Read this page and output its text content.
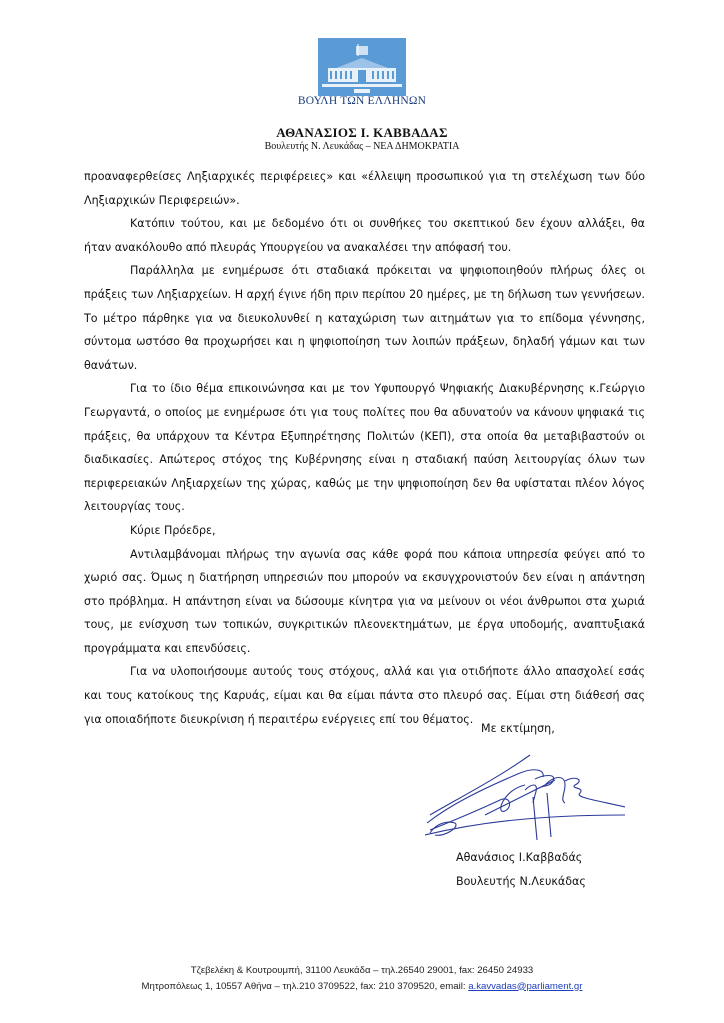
ΒΟΥΛΗ ΤΩΝ ΕΛΛΗΝΩΝ
ΑΘΑΝΑΣΙΟΣ Ι. ΚΑΒΒΑΔΑΣ
Βουλευτής Ν. Λευκάδας – ΝΕΑ ΔΗΜΟΚΡΑΤΙΑ

προαναφερθείσες Ληξιαρχικές περιφέρειες» και «έλλειψη προσωπικού για τη στελέχωση των δύο Ληξιαρχικών Περιφερειών».

Κατόπιν τούτου, και με δεδομένο ότι οι συνθήκες του σκεπτικού δεν έχουν αλλάξει, θα ήταν ανακόλουθο από πλευράς Υπουργείου να ανακαλέσει την απόφασή του.

Παράλληλα με ενημέρωσε ότι σταδιακά πρόκειται να ψηφιοποιηθούν πλήρως όλες οι πράξεις των Ληξιαρχείων. Η αρχή έγινε ήδη πριν περίπου 20 ημέρες, με τη δήλωση των γεννήσεων. Το μέτρο πάρθηκε για να διευκολυνθεί η καταχώριση των αιτημάτων για το επίδομα γέννησης, σύντομα ωστόσο θα προχωρήσει και η ψηφιοποίηση των λοιπών πράξεων, δηλαδή γάμων και των θανάτων.

Για το ίδιο θέμα επικοινώνησα και με τον Υφυπουργό Ψηφιακής Διακυβέρνησης κ.Γεώργιο Γεωργαντά, ο οποίος με ενημέρωσε ότι για τους πολίτες που θα αδυνατούν να κάνουν ψηφιακά τις πράξεις, θα υπάρχουν τα Κέντρα Εξυπηρέτησης Πολιτών (ΚΕΠ), στα οποία θα μεταβιβαστούν οι διαδικασίες. Απώτερος στόχος της Κυβέρνησης είναι η σταδιακή παύση λειτουργίας όλων των περιφερειακών Ληξιαρχείων της χώρας, καθώς με την ψηφιοποίηση δεν θα υφίσταται πλέον λόγος λειτουργίας τους.

Κύριε Πρόεδρε,

Αντιλαμβάνομαι πλήρως την αγωνία σας κάθε φορά που κάποια υπηρεσία φεύγει από το χωριό σας. Όμως η διατήρηση υπηρεσιών που μπορούν να εκσυγχρονιστούν δεν είναι η απάντηση στο πρόβλημα. Η απάντηση είναι να δώσουμε κίνητρα για να μείνουν οι νέοι άνθρωποι στα χωριά τους, με ενίσχυση των τοπικών, συγκριτικών πλεονεκτημάτων, με έργα υποδομής, αναπτυξιακά προγράμματα και επενδύσεις.

Για να υλοποιήσουμε αυτούς τους στόχους, αλλά και για οτιδήποτε άλλο απασχολεί εσάς και τους κατοίκους της Καρυάς, είμαι και θα είμαι πάντα στο πλευρό σας. Είμαι στη διάθεσή σας για οποιαδήποτε διευκρίνιση ή περαιτέρω ενέργειες επί του θέματος.

Με εκτίμηση,
Αθανάσιος Ι.Καββαδάς
Βουλευτής Ν.Λευκάδας
Τζεβελέκη & Κουτρουμπή, 31100 Λευκάδα – τηλ.26540 29001, fax: 26450 24933
Μητροπόλεως 1, 10557 Αθήνα – τηλ.210 3709522, fax: 210 3709520, email: a.kavvadas@parliament.gr
